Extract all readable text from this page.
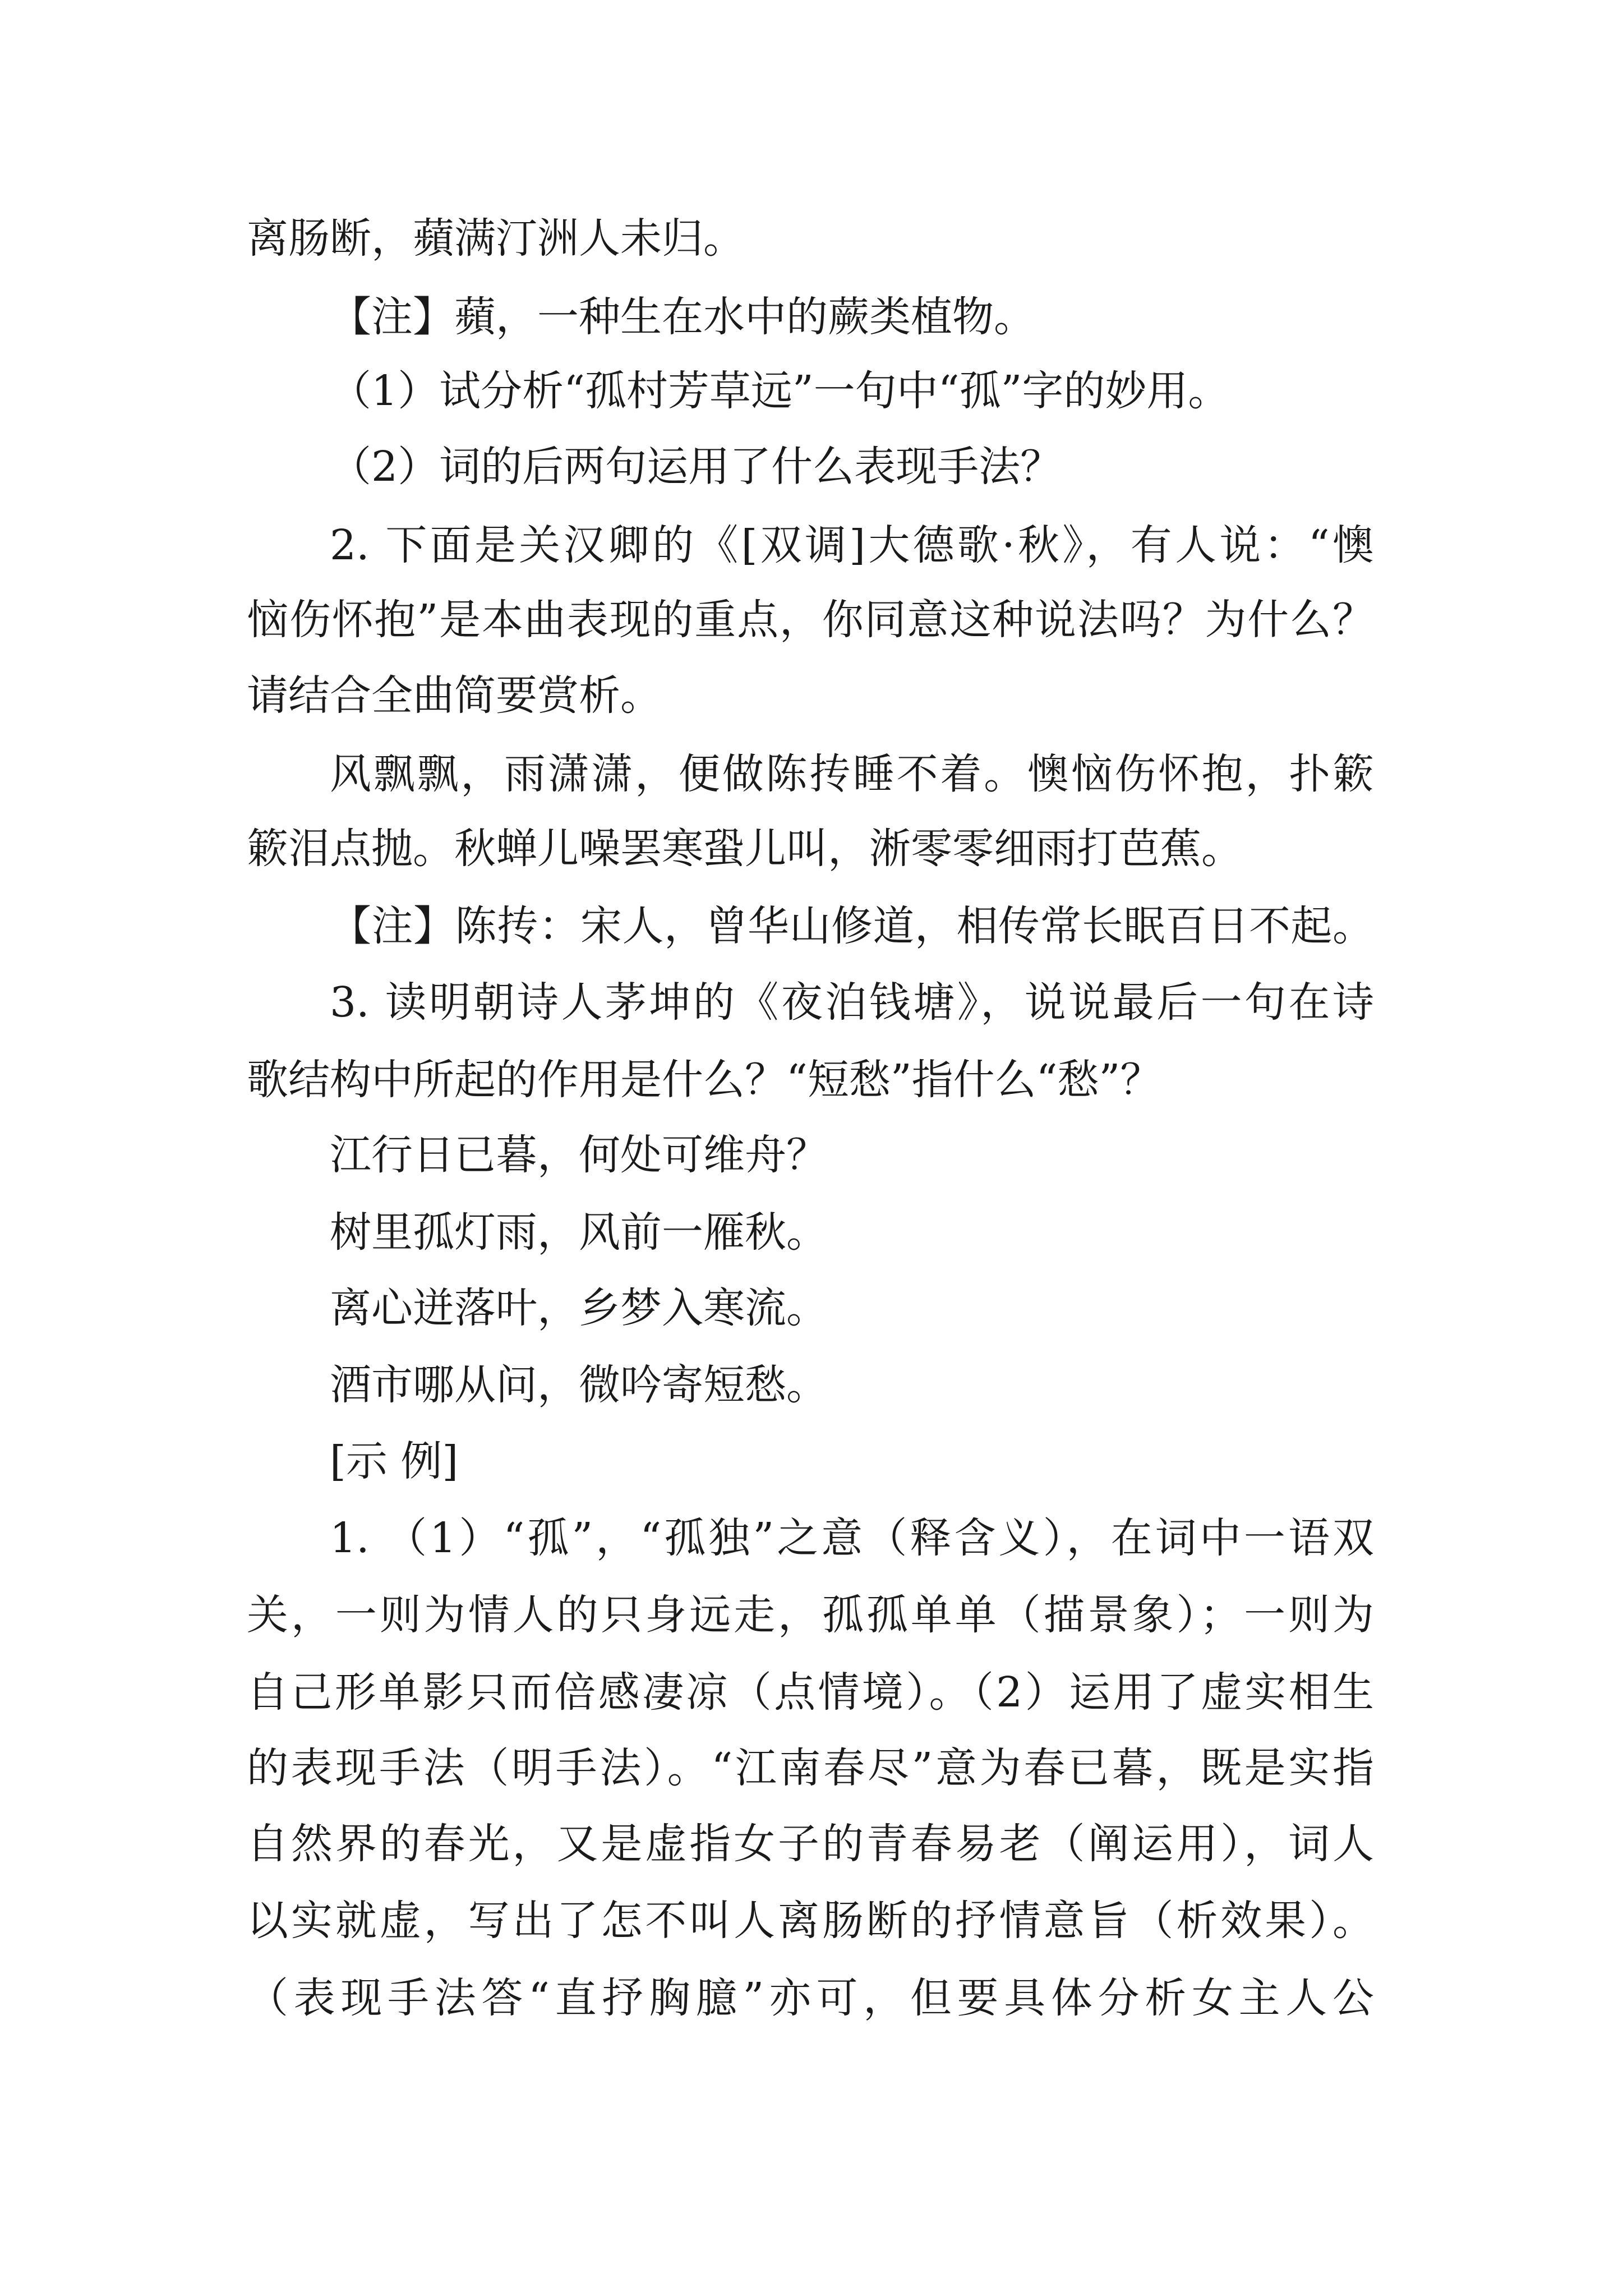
离肠断，蘋满汀洲人未归。
【注】蘋，一种生在水中的蕨类植物。
（1）试分析“孤村芳草远”一句中“孤”字的妙用。
（2）词的后两句运用了什么表现手法？
2. 下面是关汉卿的《[双调]大德歌·秋》，有人说：“懊
恼伤怀抱”是本曲表现的重点，你同意这种说法吗？为什么？
请结合全曲简要赏析。
风飘飘，雨潇潇，便做陈抟睡不着。懊恼伤怀抱，扑簌
簌泪点抛。秋蝉儿噪罢寒蛩儿叫，淅零零细雨打芭蕉。
【注】陈抟：宋人，曾华山修道，相传常长眠百日不起。
3. 读明朝诗人茅坤的《夜泊钱塘》，说说最后一句在诗
歌结构中所起的作用是什么？“短愁”指什么“愁”？
江行日已暮，何处可维舟？
树里孤灯雨，风前一雁秋。
离心迸落叶，乡梦入寒流。
酒市哪从问，微吟寄短愁。
[示 例]
1. （1）“孤”，“孤独”之意（释含义），在词中一语双
关，一则为情人的只身远走，孤孤单单（描景象）；一则为
自己形单影只而倍感凄凉（点情境）。（2）运用了虚实相生
的表现手法（明手法）。“江南春尽”意为春已暮，既是实指
自然界的春光，又是虚指女子的青春易老（阐运用），词人
以实就虚，写出了怎不叫人离肠断的抒情意旨（析效果）。
（表现手法答“直抒胸臆”亦可，但要具体分析女主人公
